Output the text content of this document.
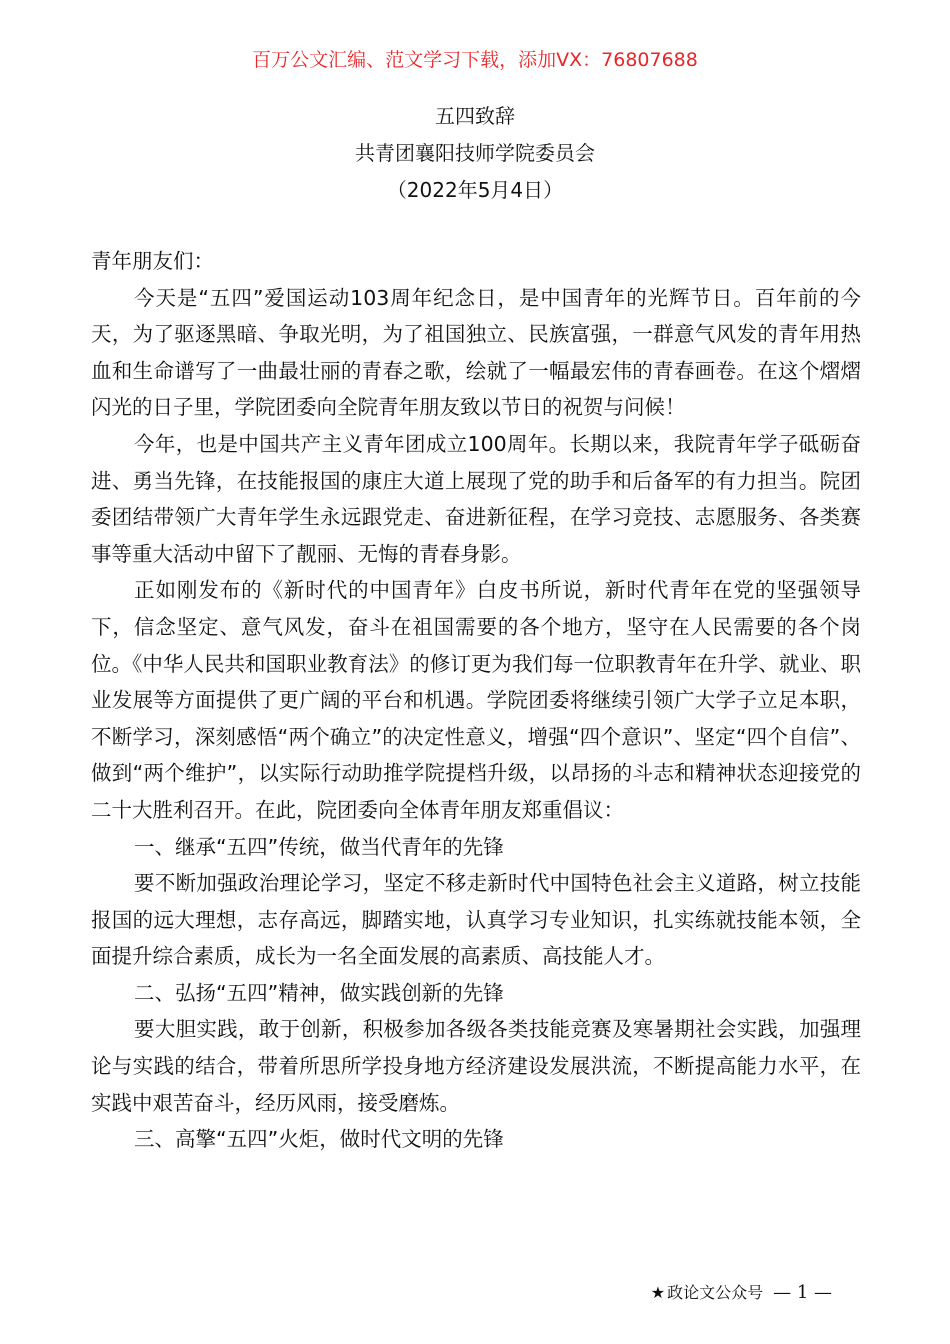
百万公文汇编、范文学习下载，添加VX：76807688
五四致辞
共青团襄阳技师学院委员会
（2022年5月4日）

青年朋友们：

今天是“五四”爱国运动103周年纪念日，是中国青年的光辉节日。百年前的今天，为了驱逐黑暗、争取光明，为了祖国独立、民族富强，一群意气风发的青年用热血和生命谱写了一曲最壮丽的青春之歌，绘就了一幅最宏伟的青春画卷。在这个熠熠闪光的日子里，学院团委向全院青年朋友致以节日的祝贺与问候！

今年，也是中国共产主义青年团成立100周年。长期以来，我院青年学子砥砺奋进、勇当先锋，在技能报国的康庄大道上展现了党的助手和后备军的有力担当。院团委团结带领广大青年学生永远跟党走、奋进新征程，在学习竞技、志愿服务、各类赛事等重大活动中留下了靓丽、无悔的青春身影。

正如刚发布的《新时代的中国青年》白皮书所说，新时代青年在党的坚强领导下，信念坚定、意气风发，奋斗在祖国需要的各个地方，坚守在人民需要的各个岗位。《中华人民共和国职业教育法》的修订更为我们每一位职教青年在升学、就业、职业发展等方面提供了更广阔的平台和机遇。学院团委将继续引领广大学子立足本职，不断学习，深刻感悟“两个确立”的决定性意义，增强“四个意识”、坚定“四个自信”、做到“两个维护”，以实际行动助推学院提档升级，以昂扬的斗志和精神状态迎接党的二十大胜利召开。在此，院团委向全体青年朋友郑重倡议：

一、继承“五四”传统，做当代青年的先锋

要不断加强政治理论学习，坚定不移走新时代中国特色社会主义道路，树立技能报国的远大理想，志存高远，脚踏实地，认真学习专业知识，扎实练就技能本领，全面提升综合素质，成长为一名全面发展的高素质、高技能人才。

二、弘扬“五四”精神，做实践创新的先锋

要大胆实践，敢于创新，积极参加各级各类技能竞赛及寒暑期社会实践，加强理论与实践的结合，带着所思所学投身地方经济建设发展洪流，不断提高能力水平，在实践中艰苦奋斗，经历风雨，接受磨炼。

三、高擎“五四”火炬，做时代文明的先锋

★ 政论文公众号 — 1 —
